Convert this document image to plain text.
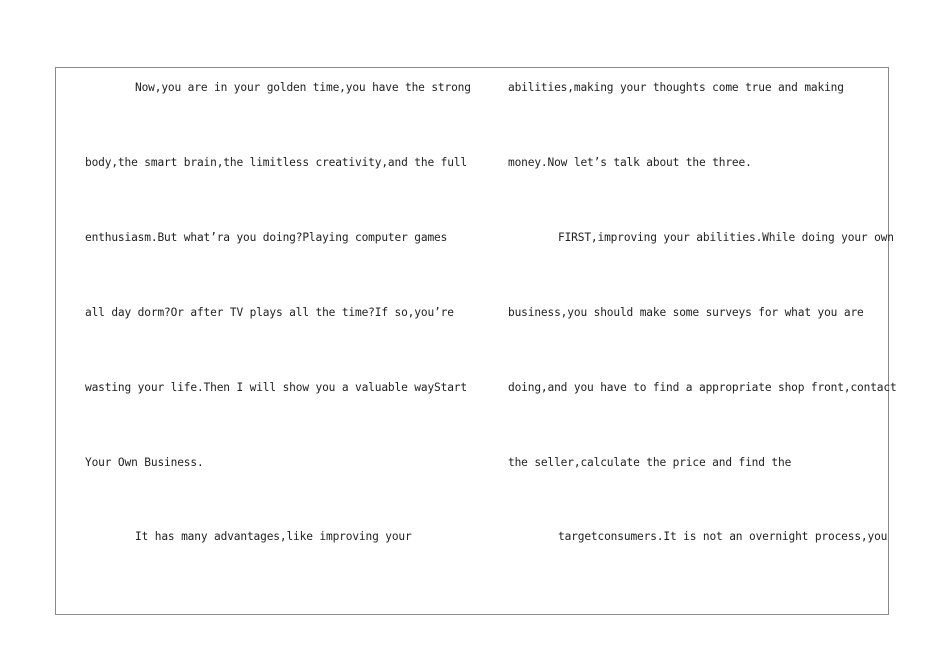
Now,you are in your golden time,you have the strong
body,the smart brain,the limitless creativity,and the full
enthusiasm.But what’ra you doing?Playing computer games
all day dorm?Or after TV plays all the time?If so,you’re
wasting your life.Then I will show you a valuable wayStart
Your Own Business.
It has many advantages,like improving your
abilities,making your thoughts come true and making
money.Now let’s talk about the three.
FIRST,improving your abilities.While doing your own
business,you should make some surveys for what you are
doing,and you have to find a appropriate shop front,contact
the seller,calculate the price and find the
targetconsumers.It is not an overnight process,you
